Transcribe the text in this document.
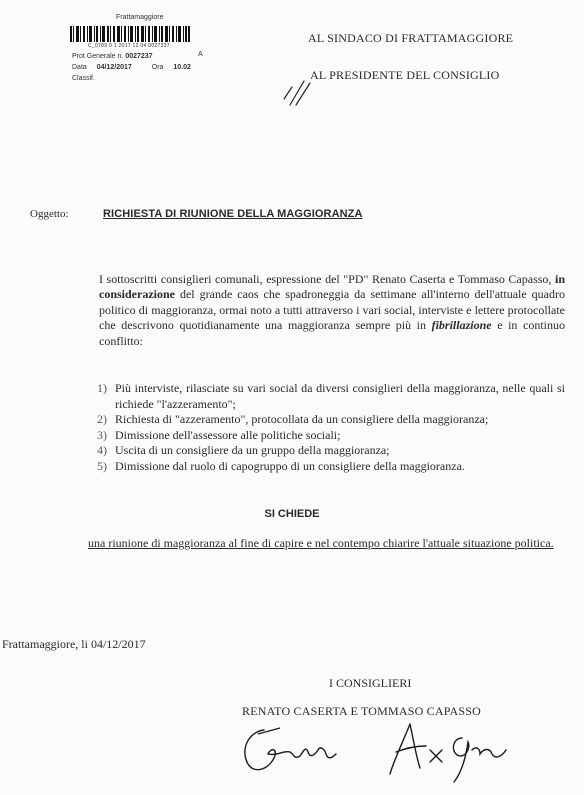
Frattamaggiore
C_0789 0 1 2017 12 04 0027237
Prot Generale n. 0027237	A
Data 04/12/2017	Ora 10.02
Classif.
AL SINDACO DI FRATTAMAGGIORE
AL PRESIDENTE DEL CONSIGLIO
Oggetto:	RICHIESTA DI RIUNIONE DELLA MAGGIORANZA
I sottoscritti consiglieri comunali, espressione del "PD" Renato Caserta e Tommaso Capasso, in considerazione del grande caos che spadroneggia da settimane all'interno dell'attuale quadro politico di maggioranza, ormai noto a tutti attraverso i vari social, interviste e lettere protocollate che descrivono quotidianamente una maggioranza sempre più in fibrillazione e in continuo conflitto:
1) Più interviste, rilasciate su vari social da diversi consiglieri della maggioranza, nelle quali si richiede "l'azzeramento";
2) Richiesta di "azzeramento", protocollata da un consigliere della maggioranza;
3) Dimissione dell'assessore alle politiche sociali;
4) Uscita di un consigliere da un gruppo della maggioranza;
5) Dimissione dal ruolo di capogruppo di un consigliere della maggioranza.
SI CHIEDE
una riunione di maggioranza al fine di capire e nel contempo chiarire l'attuale situazione politica.
Frattamaggiore, li 04/12/2017
I CONSIGLIERI
RENATO CASERTA E TOMMASO CAPASSO
